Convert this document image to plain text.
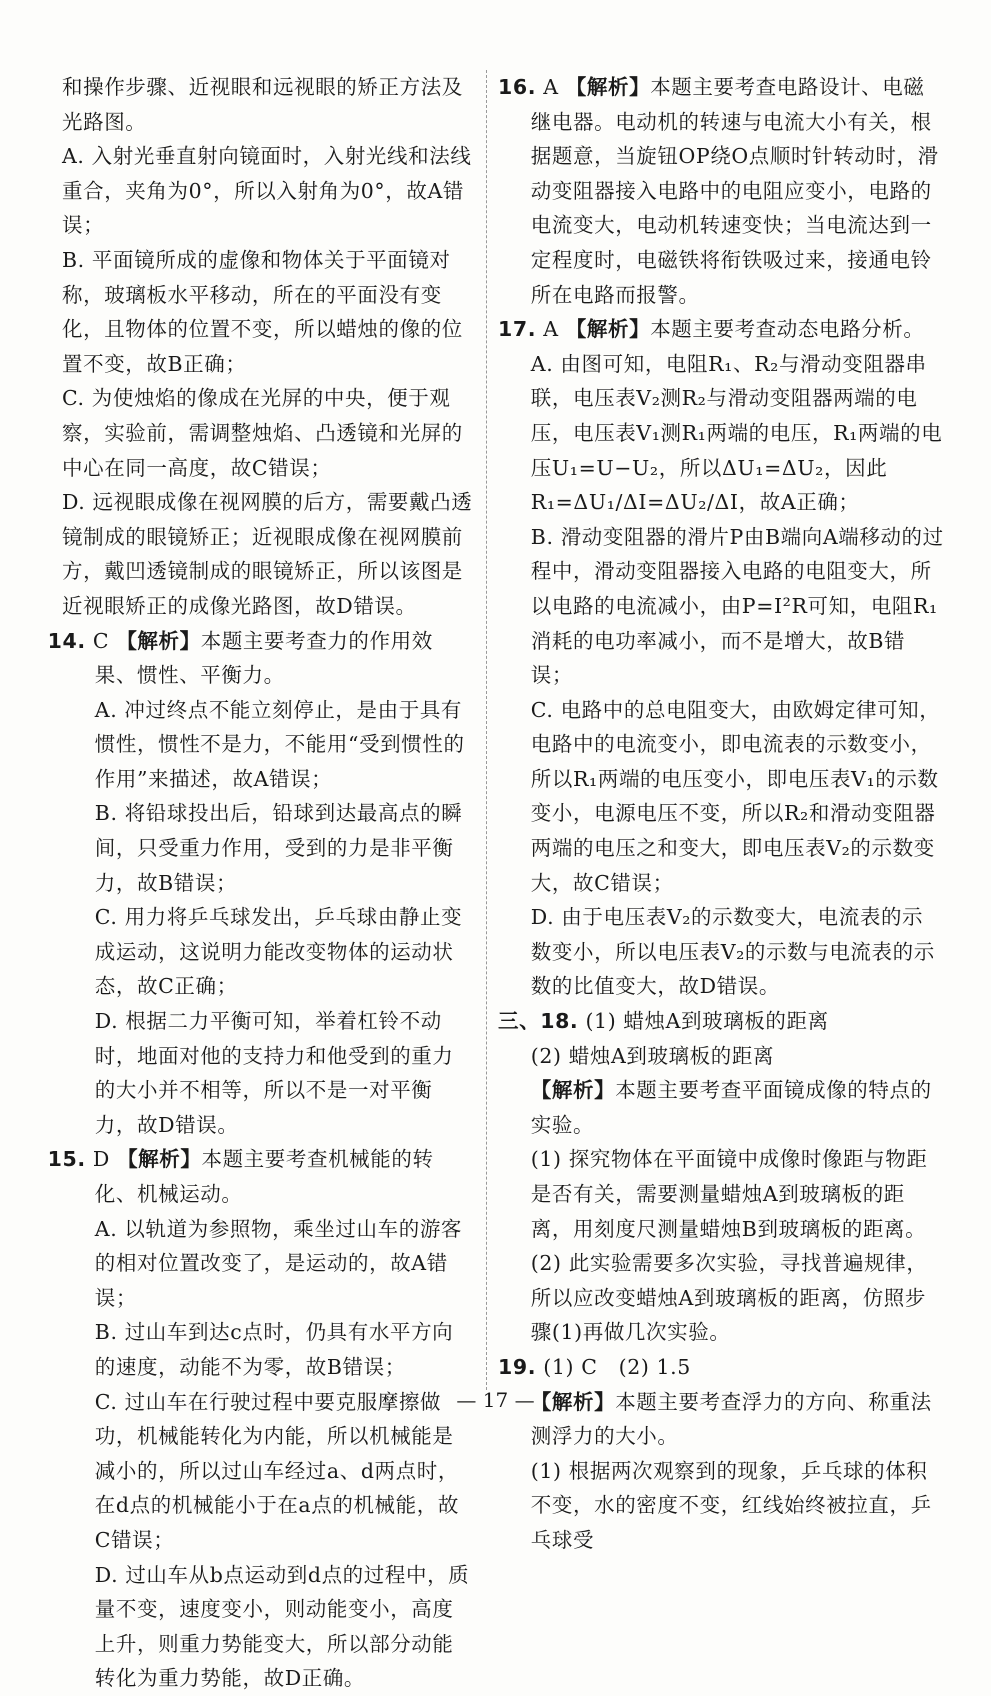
和操作步骤、近视眼和远视眼的矫正方法及光路图。

A. 入射光垂直射向镜面时，入射光线和法线重合，夹角为0°，所以入射角为0°，故A错误；

B. 平面镜所成的虚像和物体关于平面镜对称，玻璃板水平移动，所在的平面没有变化，且物体的位置不变，所以蜡烛的像的位置不变，故B正确；

C. 为使烛焰的像成在光屏的中央，便于观察，实验前，需调整烛焰、凸透镜和光屏的中心在同一高度，故C错误；

D. 远视眼成像在视网膜的后方，需要戴凸透镜制成的眼镜矫正；近视眼成像在视网膜前方，戴凹透镜制成的眼镜矫正，所以该图是近视眼矫正的成像光路图，故D错误。

14. C 【解析】本题主要考查力的作用效果、惯性、平衡力。

A. 冲过终点不能立刻停止，是由于具有惯性，惯性不是力，不能用“受到惯性的作用”来描述，故A错误；

B. 将铅球投出后，铅球到达最高点的瞬间，只受重力作用，受到的力是非平衡力，故B错误；

C. 用力将乒乓球发出，乒乓球由静止变成运动，这说明力能改变物体的运动状态，故C正确；

D. 根据二力平衡可知，举着杠铃不动时，地面对他的支持力和他受到的重力的大小并不相等，所以不是一对平衡力，故D错误。

15. D 【解析】本题主要考查机械能的转化、机械运动。

A. 以轨道为参照物，乘坐过山车的游客的相对位置改变了，是运动的，故A错误；

B. 过山车到达c点时，仍具有水平方向的速度，动能不为零，故B错误；

C. 过山车在行驶过程中要克服摩擦做功，机械能转化为内能，所以机械能是减小的，所以过山车经过a、d两点时，在d点的机械能小于在a点的机械能，故C错误；

D. 过山车从b点运动到d点的过程中，质量不变，速度变小，则动能变小，高度上升，则重力势能变大，所以部分动能转化为重力势能，故D正确。

16. A 【解析】本题主要考查电路设计、电磁继电器。电动机的转速与电流大小有关，根据题意，当旋钮OP绕O点顺时针转动时，滑动变阻器接入电路中的电阻应变小，电路的电流变大，电动机转速变快；当电流达到一定程度时，电磁铁将衔铁吸过来，接通电铃所在电路而报警。

17. A 【解析】本题主要考查动态电路分析。

A. 由图可知，电阻R₁、R₂与滑动变阻器串联，电压表V₂测R₂与滑动变阻器两端的电压，电压表V₁测R₁两端的电压，R₁两端的电压U₁=U−U₂，所以ΔU₁=ΔU₂，因此R₁=ΔU₁/ΔI=ΔU₂/ΔI，故A正确；

B. 滑动变阻器的滑片P由B端向A端移动的过程中，滑动变阻器接入电路的电阻变大，所以电路的电流减小，由P=I²R可知，电阻R₁消耗的电功率减小，而不是增大，故B错误；

C. 电路中的总电阻变大，由欧姆定律可知，电路中的电流变小，即电流表的示数变小，所以R₁两端的电压变小，即电压表V₁的示数变小，电源电压不变，所以R₂和滑动变阻器两端的电压之和变大，即电压表V₂的示数变大，故C错误；

D. 由于电压表V₂的示数变大，电流表的示数变小，所以电压表V₂的示数与电流表的示数的比值变大，故D错误。

三、18. (1) 蜡烛A到玻璃板的距离

(2) 蜡烛A到玻璃板的距离

【解析】本题主要考查平面镜成像的特点的实验。

(1) 探究物体在平面镜中成像时像距与物距是否有关，需要测量蜡烛A到玻璃板的距离，用刻度尺测量蜡烛B到玻璃板的距离。

(2) 此实验需要多次实验，寻找普遍规律，所以应改变蜡烛A到玻璃板的距离，仿照步骤(1)再做几次实验。

19. (1) C　(2) 1.5

【解析】本题主要考查浮力的方向、称重法测浮力的大小。

(1) 根据两次观察到的现象，乒乓球的体积不变，水的密度不变，红线始终被拉直，乒乓球受

— 17 —
